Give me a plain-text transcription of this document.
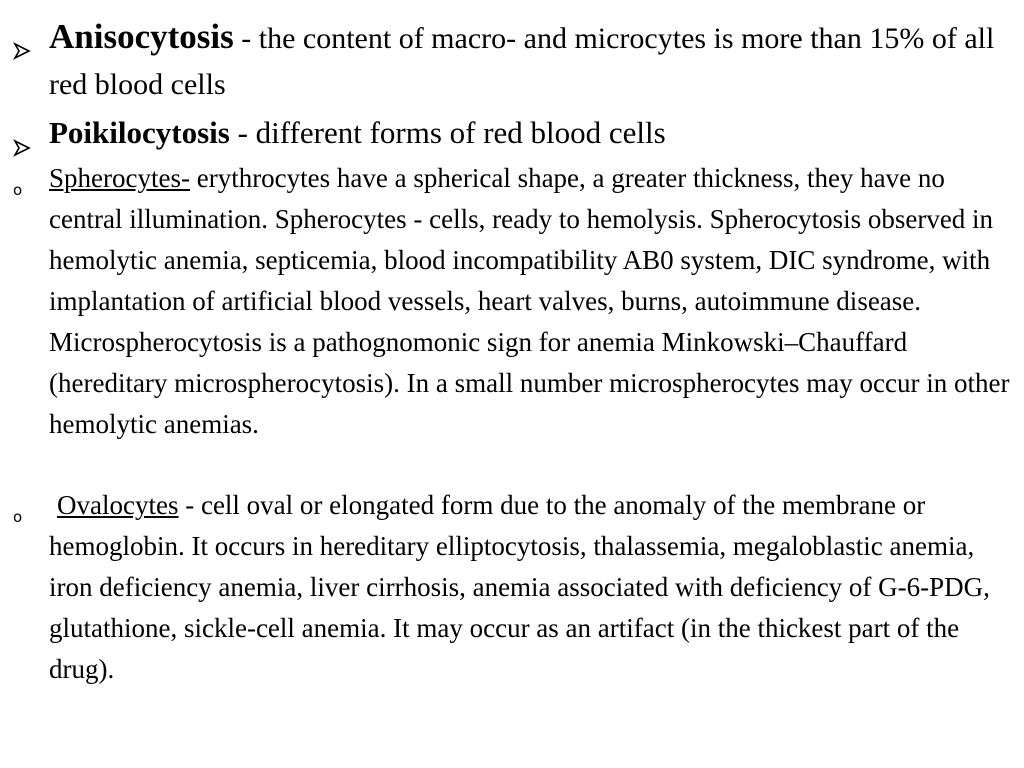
Anisocytosis - the content of macro- and microcytes is more than 15% of all red blood cells
Poikilocytosis - different forms of red blood cells
o Spherocytes- erythrocytes have a spherical shape, a greater thickness, they have no central illumination. Spherocytes - cells, ready to hemolysis. Spherocytosis observed in hemolytic anemia, septicemia, blood incompatibility AB0 system, DIC syndrome, with implantation of artificial blood vessels, heart valves, burns, autoimmune disease. Microspherocytosis is a pathognomonic sign for anemia Minkowski–Chauffard (hereditary microspherocytosis). In a small number microspherocytes may occur in other hemolytic anemias.
o Ovalocytes - cell oval or elongated form due to the anomaly of the membrane or hemoglobin. It occurs in hereditary elliptocytosis, thalassemia, megaloblastic anemia, iron deficiency anemia, liver cirrhosis, anemia associated with deficiency of G-6-PDG, glutathione, sickle-cell anemia. It may occur as an artifact (in the thickest part of the drug).
